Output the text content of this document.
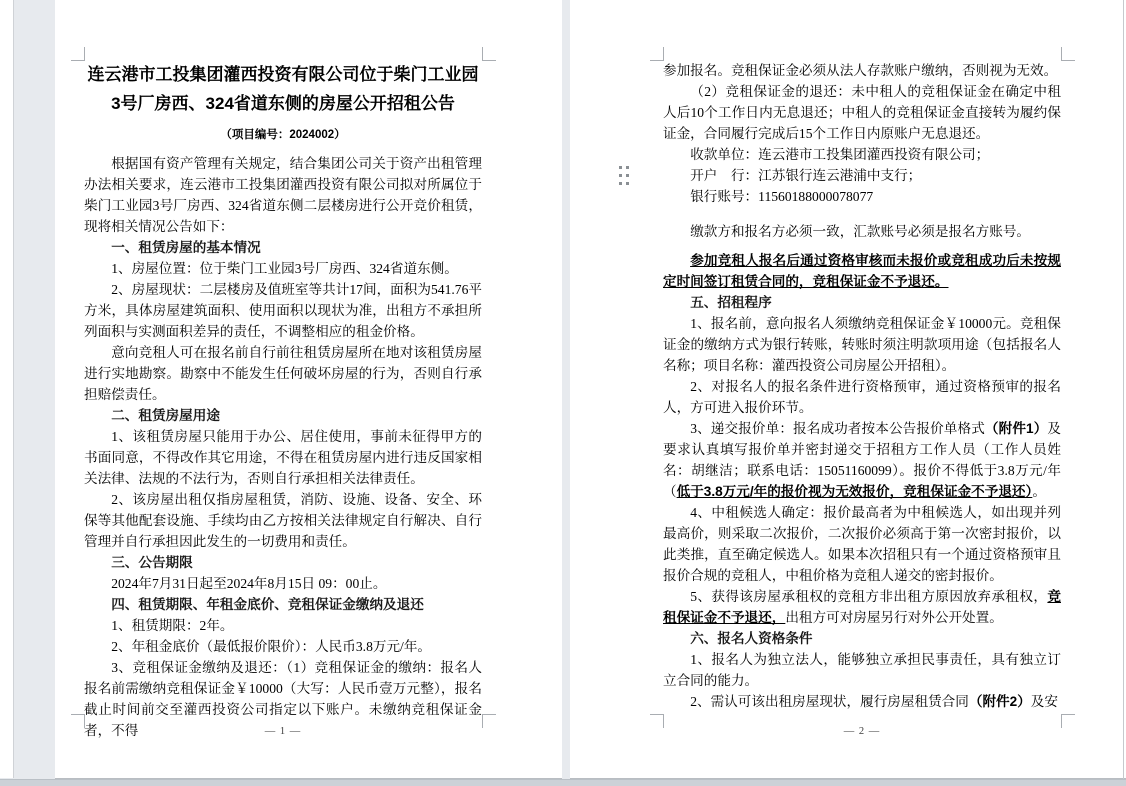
连云港市工投集团灌西投资有限公司位于柴门工业园
3号厂房西、324省道东侧的房屋公开招租公告
（项目编号：2024002）
根据国有资产管理有关规定，结合集团公司关于资产出租管理办法相关要求，连云港市工投集团灌西投资有限公司拟对所属位于柴门工业园3号厂房西、324省道东侧二层楼房进行公开竞价租赁，现将相关情况公告如下：
一、租赁房屋的基本情况
1、房屋位置：位于柴门工业园3号厂房西、324省道东侧。
2、房屋现状：二层楼房及值班室等共计17间，面积为541.76平方米，具体房屋建筑面积、使用面积以现状为准，出租方不承担所列面积与实测面积差异的责任，不调整相应的租金价格。
意向竞租人可在报名前自行前往租赁房屋所在地对该租赁房屋进行实地勘察。勘察中不能发生任何破坏房屋的行为，否则自行承担赔偿责任。
二、租赁房屋用途
1、该租赁房屋只能用于办公、居住使用，事前未征得甲方的书面同意，不得改作其它用途，不得在租赁房屋内进行违反国家相关法律、法规的不法行为，否则自行承担相关法律责任。
2、该房屋出租仅指房屋租赁，消防、设施、设备、安全、环保等其他配套设施、手续均由乙方按相关法律规定自行解决、自行管理并自行承担因此发生的一切费用和责任。
三、公告期限
2024年7月31日起至2024年8月15日 09：00止。
四、租赁期限、年租金底价、竞租保证金缴纳及退还
1、租赁期限：2年。
2、年租金底价（最低报价限价）：人民币3.8万元/年。
3、竞租保证金缴纳及退还：（1）竞租保证金的缴纳：报名人报名前需缴纳竞租保证金￥10000（大写：人民币壹万元整），报名截止时间前交至灌西投资公司指定以下账户。未缴纳竞租保证金者，不得	— 1 —
参加报名。竞租保证金必须从法人存款账户缴纳，否则视为无效。
（2）竞租保证金的退还：未中租人的竞租保证金在确定中租人后10个工作日内无息退还；中租人的竞租保证金直接转为履约保证金，合同履行完成后15个工作日内原账户无息退还。
收款单位：连云港市工投集团灌西投资有限公司；
开户　行：江苏银行连云港浦中支行；
银行账号：11560188000078077
缴款方和报名方必须一致，汇款账号必须是报名方账号。
参加竞租人报名后通过资格审核而未报价或竞租成功后未按规定时间签订租赁合同的，竞租保证金不予退还。
五、招租程序
1、报名前，意向报名人须缴纳竞租保证金￥10000元。竞租保证金的缴纳方式为银行转账，转账时须注明款项用途（包括报名人名称；项目名称：灌西投资公司房屋公开招租）。
2、对报名人的报名条件进行资格预审，通过资格预审的报名人，方可进入报价环节。
3、递交报价单：报名成功者按本公告报价单格式（附件1）及要求认真填写报价单并密封递交于招租方工作人员（工作人员姓名：胡继洁；联系电话：15051160099）。报价不得低于3.8万元/年（低于3.8万元/年的报价视为无效报价，竞租保证金不予退还）。
4、中租候选人确定：报价最高者为中租候选人，如出现并列最高价，则采取二次报价，二次报价必须高于第一次密封报价，以此类推，直至确定候选人。如果本次招租只有一个通过资格预审且报价合规的竞租人，中租价格为竞租人递交的密封报价。
5、获得该房屋承租权的竞租方非出租方原因放弃承租权，竞租保证金不予退还，出租方可对房屋另行对外公开处置。
六、报名人资格条件
1、报名人为独立法人，能够独立承担民事责任，具有独立订立合同的能力。
2、需认可该出租房屋现状，履行房屋租赁合同（附件2）及安
— 2 —
